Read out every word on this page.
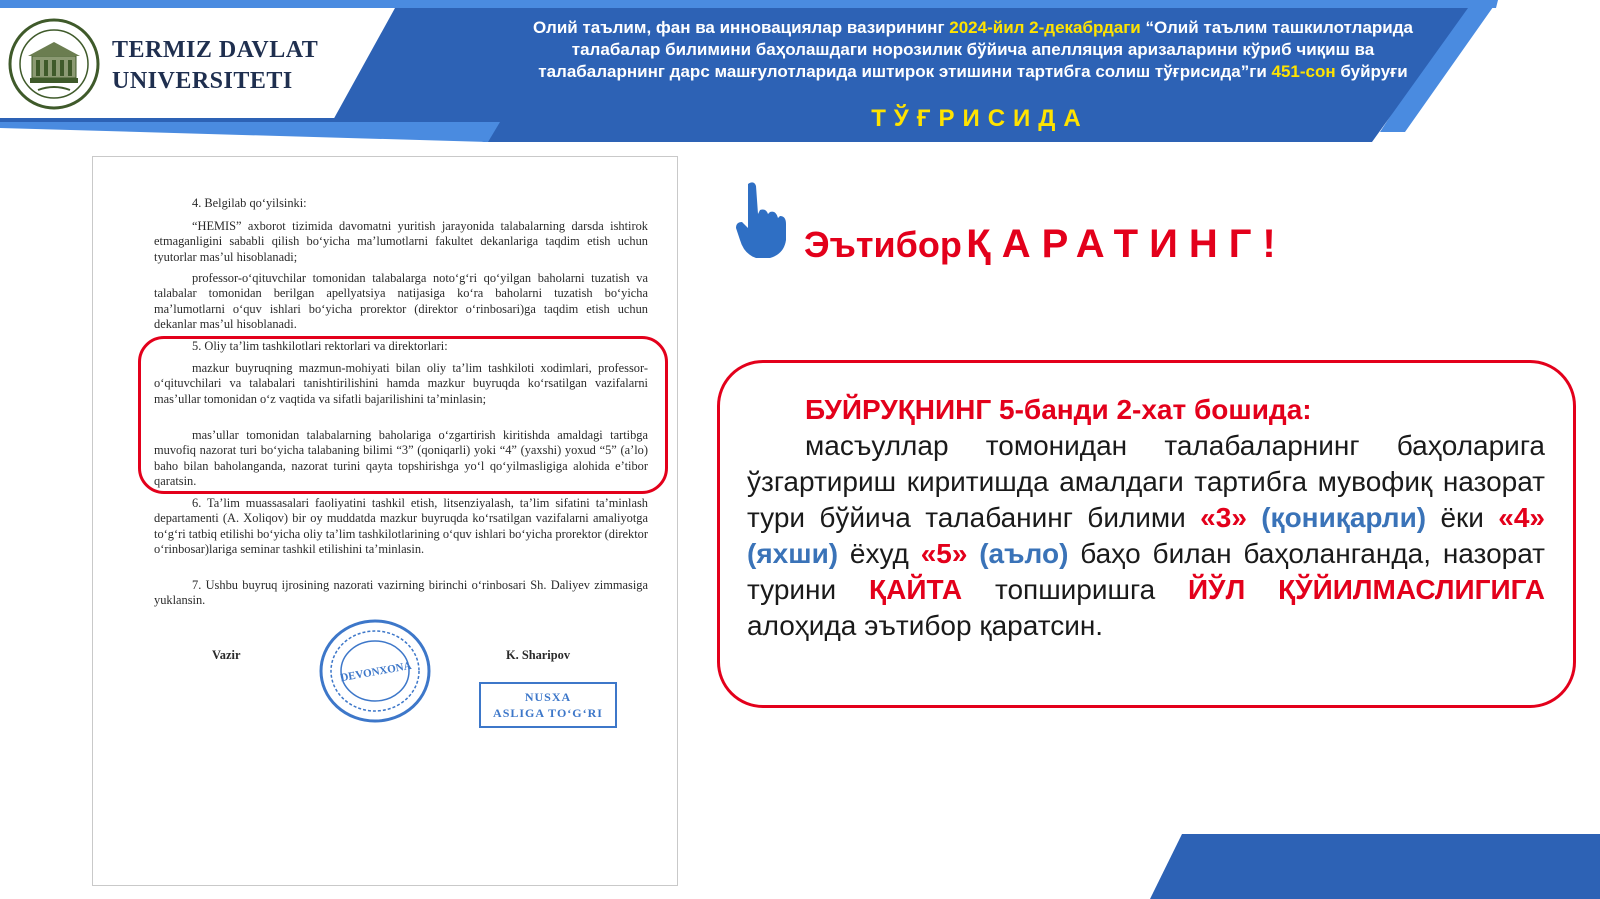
TERMIZ DAVLAT
UNIVERSITETI
Олий таълим, фан ва инновациялар вазирининг 2024-йил 2-декабрдаги “Олий таълим ташкилотларида талабалар билимини баҳолашдаги норозилик бўйича апелляция аризаларини кўриб чиқиш ва талабаларнинг дарс машғулотларида иштирок этишини тартибга солиш тўғрисида”ги 451-сон буйруғи
ТЎҒРИСИДА
4. Belgilab qo‘yilsinki:
“HEMIS” axborot tizimida davomatni yuritish jarayonida talabalarning darsda ishtirok etmaganligini sababli qilish bo‘yicha ma’lumotlarni fakultet dekanlariga taqdim etish uchun tyutorlar mas’ul hisoblanadi;
professor-o‘qituvchilar tomonidan talabalarga noto‘g‘ri qo‘yilgan baholarni tuzatish va talabalar tomonidan berilgan apellyatsiya natijasiga ko‘ra baholarni tuzatish bo‘yicha ma’lumotlarni o‘quv ishlari bo‘yicha prorektor (direktor o‘rinbosari)ga taqdim etish uchun dekanlar mas’ul hisoblanadi.
5. Oliy ta’lim tashkilotlari rektorlari va direktorlari:
mazkur buyruqning mazmun-mohiyati bilan oliy ta’lim tashkiloti xodimlari, professor-o‘qituvchilari va talabalari tanishtirilishini hamda mazkur buyruqda ko‘rsatilgan vazifalarni mas’ullar tomonidan o‘z vaqtida va sifatli bajarilishini ta’minlasin;
mas’ullar tomonidan talabalarning baholariga o‘zgartirish kiritishda amaldagi tartibga muvofiq nazorat turi bo‘yicha talabaning bilimi “3” (qoniqarli) yoki “4” (yaxshi) yoxud “5” (a’lo) baho bilan baholanganda, nazorat turini qayta topshirishga yo‘l qo‘yilmasligiga alohida e’tibor qaratsin.
6. Ta’lim muassasalari faoliyatini tashkil etish, litsenziyalash, ta’lim sifatini ta’minlash departamenti (A. Xoliqov) bir oy muddatda mazkur buyruqda ko‘rsatilgan vazifalarni amaliyotga to‘g‘ri tatbiq etilishi bo‘yicha oliy ta’lim tashkilotlarining o‘quv ishlari bo‘yicha prorektor (direktor o‘rinbosar)lariga seminar tashkil etilishini ta’minlasin.
7. Ushbu buyruq ijrosining nazorati vazirning birinchi o‘rinbosari Sh. Daliyev zimmasiga yuklansin.
Vazir	K. Sharipov
DEVONXONA
NUSXA
ASLIGA TO‘G‘RI
Эътибор ҚАРАТИНГ!
БУЙРУҚНИНГ 5-банди 2-хат бошида:
масъуллар томонидан талабаларнинг баҳоларига ўзгартириш киритишда амалдаги тартибга мувофиқ назорат тури бўйича талабанинг билими «3» (қониқарли) ёки «4» (яхши) ёхуд «5» (аъло) баҳо билан баҳоланганда, назорат турини ҚАЙТА топширишга ЙЎЛ ҚЎЙИЛМАСЛИГИГА алоҳида эътибор қаратсин.
